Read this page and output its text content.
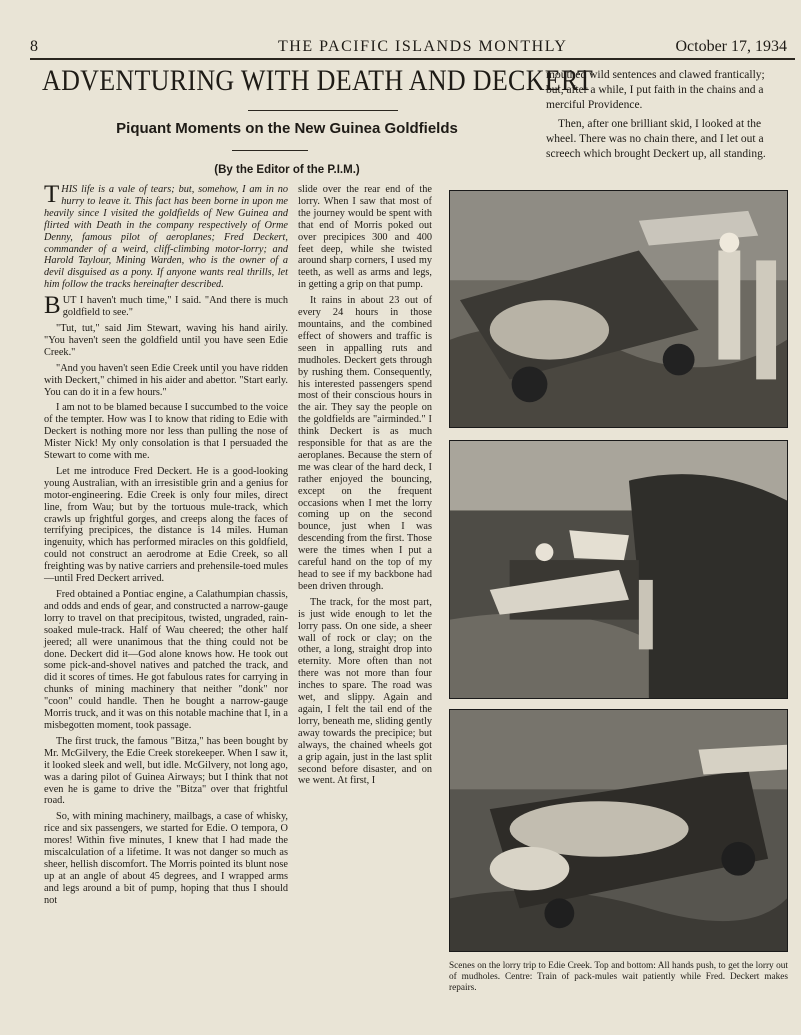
8	THE PACIFIC ISLANDS MONTHLY	October 17, 1934
ADVENTURING WITH DEATH AND DECKERT
Piquant Moments on the New Guinea Goldfields
(By the Editor of the P.I.M.)

THIS life is a vale of tears; but, somehow, I am in no hurry to leave it. This fact has been borne in upon me heavily since I visited the goldfields of New Guinea and flirted with Death in the company respectively of Orme Denny, famous pilot of aeroplanes; Fred Deckert, commander of a weird, cliff-climbing motor-lorry; and Harold Taylour, Mining Warden, who is the owner of a devil disguised as a pony. If anyone wants real thrills, let him follow the tracks hereinafter described.

BUT I haven't much time," I said. "And there is much goldfield to see."

"Tut, tut," said Jim Stewart, waving his hand airily. "You haven't seen the goldfield until you have seen Edie Creek."

"And you haven't seen Edie Creek until you have ridden with Deckert," chimed in his aider and abettor. "Start early. You can do it in a few hours."

I am not to be blamed because I succumbed to the voice of the tempter. How was I to know that riding to Edie with Deckert is nothing more nor less than pulling the nose of Mister Nick! My only consolation is that I persuaded the Stewart to come with me.

Let me introduce Fred Deckert. He is a good-looking young Australian, with an irresistible grin and a genius for motor-engineering. Edie Creek is only four miles, direct line, from Wau; but by the tortuous mule-track, which crawls up frightful gorges, and creeps along the faces of terrifying precipices, the distance is 14 miles. Human ingenuity, which has performed miracles on this goldfield, could not construct an aerodrome at Edie Creek, so all freighting was by native carriers and prehensile-toed mules—until Fred Deckert arrived.

Fred obtained a Pontiac engine, a Calathumpian chassis, and odds and ends of gear, and constructed a narrow-gauge lorry to travel on that precipitous, twisted, ungraded, rain-soaked mule-track. Half of Wau cheered; the other half jeered; all were unanimous that the thing could not be done. Deckert did it—God alone knows how. He took out some pick-and-shovel natives and patched the track, and did it scores of times. He got fabulous rates for carrying in chunks of mining machinery that neither "donk" nor "coon" could handle. Then he bought a narrow-gauge Morris truck, and it was on this notable machine that I, in a misbegotten moment, took passage.

The first truck, the famous "Bitza," has been bought by Mr. McGilvery, the Edie Creek storekeeper. When I saw it, it looked sleek and well, but idle. McGilvery, not long ago, was a daring pilot of Guinea Airways; but I think that not even he is game to drive the "Bitza" over that frightful road.

So, with mining machinery, mailbags, a case of whisky, rice and six passengers, we started for Edie. O tempora, O mores! Within five minutes, I knew that I had made the miscalculation of a lifetime. It was not danger so much as sheer, hellish discomfort. The Morris pointed its blunt nose up at an angle of about 45 degrees, and I wrapped arms and legs around a bit of pump, hoping that thus I should not

slide over the rear end of the lorry. When I saw that most of the journey would be spent with that end of Morris poked out over precipices 300 and 400 feet deep, while she twisted around sharp corners, I used my teeth, as well as arms and legs, in getting a grip on that pump.

It rains in about 23 out of every 24 hours in those mountains, and the combined effect of showers and traffic is seen in appalling ruts and mudholes. Deckert gets through by rushing them. Consequently, his interested passengers spend most of their conscious hours in the air. They say the people on the goldfields are "airminded." I think Deckert is as much responsible for that as are the aeroplanes. Because the stern of me was clear of the hard deck, I rather enjoyed the bouncing, except on the frequent occasions when I met the lorry coming up on the second bounce, just when I was descending from the first. Those were the times when I put a careful hand on the top of my head to see if my backbone had been driven through.

The track, for the most part, is just wide enough to let the lorry pass. On one side, a sheer wall of rock or clay; on the other, a long, straight drop into eternity. More often than not there was not more than four inches to spare. The road was wet, and slippy. Again and again, I felt the tail end of the lorry, beneath me, sliding gently away towards the precipice; but always, the chained wheels got a grip again, just in the last split second before disaster, and on we went. At first, I

mouthed wild sentences and clawed frantically; but, after a while, I put faith in the chains and a merciful Providence.

Then, after one brilliant skid, I looked at the wheel. There was no chain there, and I let out a screech which brought Deckert up, all standing.

Scenes on the lorry trip to Edie Creek. Top and bottom: All hands push, to get the lorry out of mudholes. Centre: Train of pack-mules wait patiently while Fred. Deckert makes repairs.
